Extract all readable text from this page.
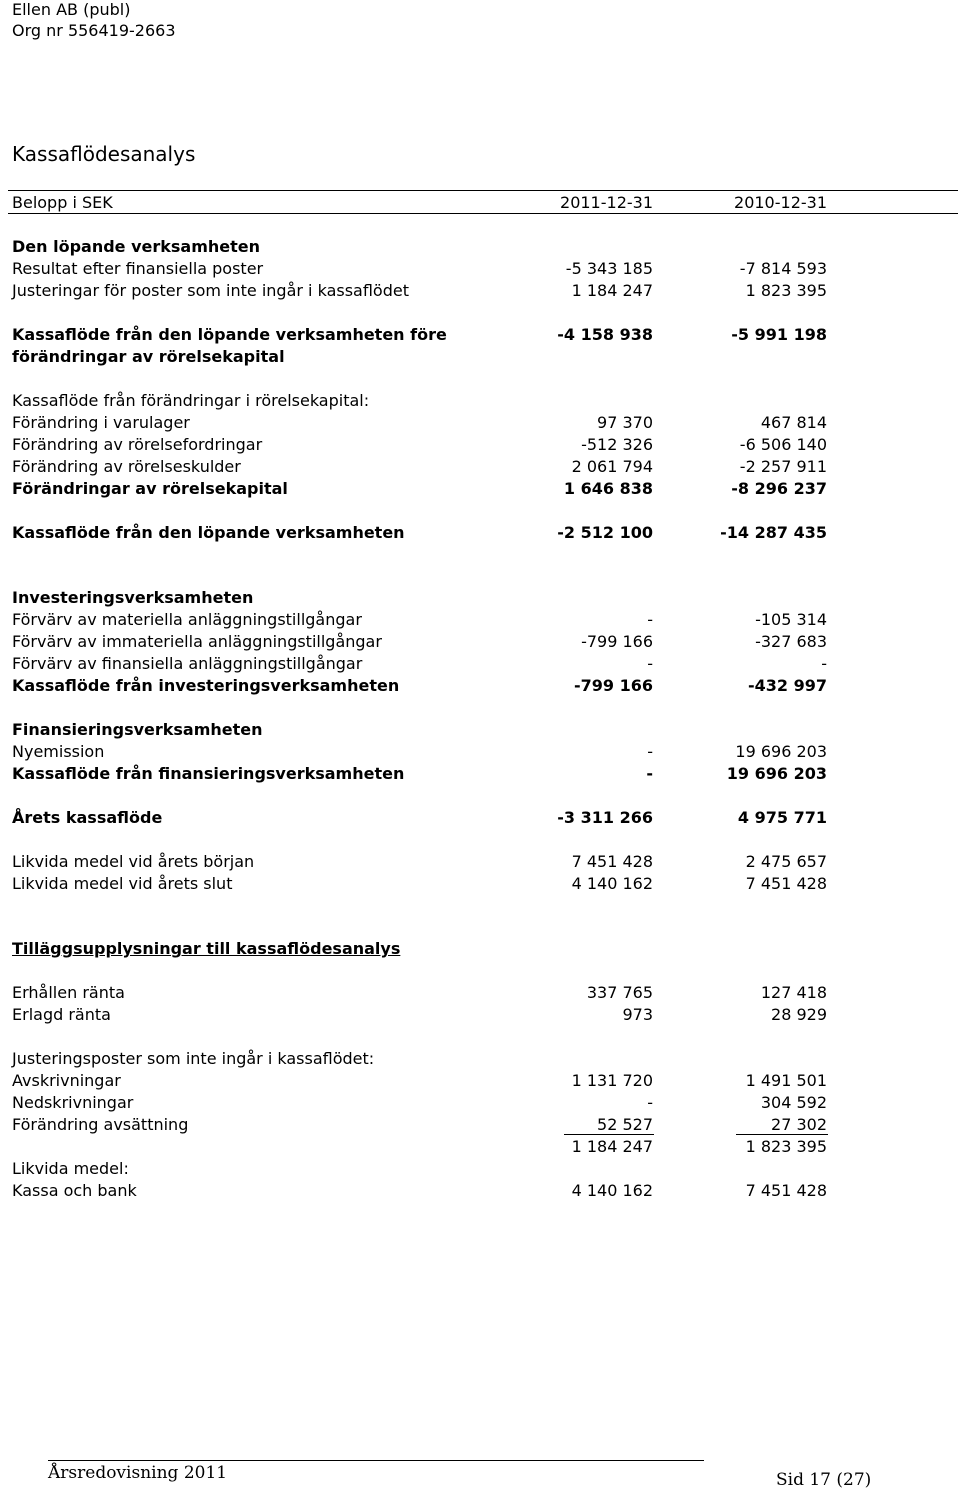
Ellen AB (publ)
Org nr 556419-2663
Kassaflödesanalys
Belopp i SEK	2011-12-31	2010-12-31
Den löpande verksamheten
Resultat efter finansiella poster	-5 343 185	-7 814 593
Justeringar för poster som inte ingår i kassaflödet	1 184 247	1 823 395
Kassaflöde från den löpande verksamheten före	-4 158 938	-5 991 198
förändringar av rörelsekapital
Kassaflöde från förändringar i rörelsekapital:
Förändring i varulager	97 370	467 814
Förändring av rörelsefordringar	-512 326	-6 506 140
Förändring av rörelseskulder	2 061 794	-2 257 911
Förändringar av rörelsekapital	1 646 838	-8 296 237
Kassaflöde från den löpande verksamheten	-2 512 100	-14 287 435
Investeringsverksamheten
Förvärv av materiella anläggningstillgångar	-	-105 314
Förvärv av immateriella anläggningstillgångar	-799 166	-327 683
Förvärv av finansiella anläggningstillgångar	-	-
Kassaflöde från investeringsverksamheten	-799 166	-432 997
Finansieringsverksamheten
Nyemission	-	19 696 203
Kassaflöde från finansieringsverksamheten	-	19 696 203
Årets kassaflöde	-3 311 266	4 975 771
Likvida medel vid årets början	7 451 428	2 475 657
Likvida medel vid årets slut	4 140 162	7 451 428
Tilläggsupplysningar till kassaflödesanalys
Erhållen ränta	337 765	127 418
Erlagd ränta	973	28 929
Justeringsposter som inte ingår i kassaflödet:
Avskrivningar	1 131 720	1 491 501
Nedskrivningar	-	304 592
Förändring avsättning	52 527	27 302
1 184 247	1 823 395
Likvida medel:
Kassa och bank	4 140 162	7 451 428
Årsredovisning 2011	Sid 17 (27)
